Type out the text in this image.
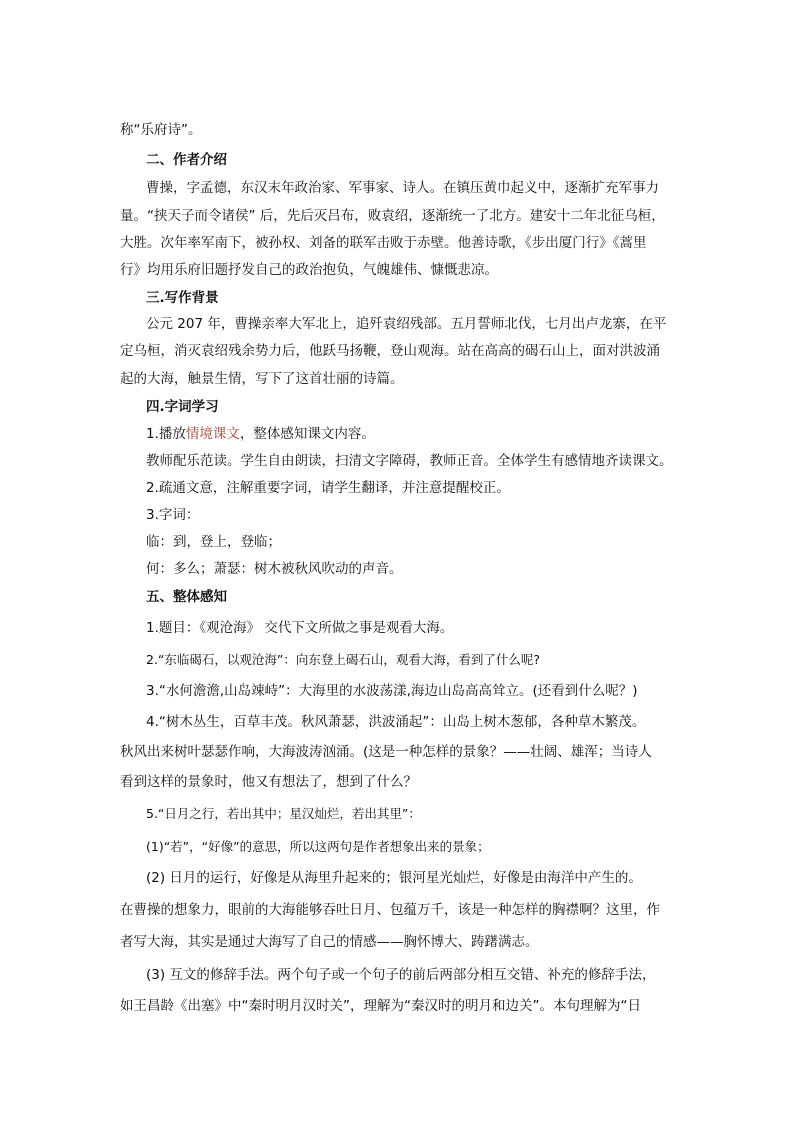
称“乐府诗”。
二、作者介绍
曹操，字孟德，东汉末年政治家、军事家、诗人。在镇压黄巾起义中，逐渐扩充军事力
量。“挟天子而令诸侯” 后，先后灭吕布，败袁绍，逐渐统一了北方。建安十二年北征乌桓，
大胜。次年率军南下，被孙权、刘备的联军击败于赤壁。他善诗歌，《步出厦门行》《蒿里
行》均用乐府旧题抒发自己的政治抱负，气魄雄伟、慷慨悲凉。
三.写作背景
公元 207 年，曹操亲率大军北上，追歼袁绍残部。五月誓师北伐，七月出卢龙寨，在平
定乌桓，消灭袁绍残余势力后，他跃马扬鞭，登山观海。站在高高的碣石山上，面对洪波涌
起的大海，触景生情，写下了这首壮丽的诗篇。
四.字词学习
1.播放情境课文，整体感知课文内容。
教师配乐范读。学生自由朗读，扫清文字障碍，教师正音。全体学生有感情地齐读课文。
2.疏通文意，注解重要字词，请学生翻译，并注意提醒校正。
3.字词：
临：到，登上，登临；
何：多么；萧瑟：树木被秋风吹动的声音。
五、整体感知
1.题目：《观沧海》 交代下文所做之事是观看大海。
2.“东临碣石，以观沧海”：向东登上碣石山，观看大海，看到了什么呢?
3.“水何澹澹,山岛竦峙”：大海里的水波荡漾,海边山岛高高耸立。(还看到什么呢？)
4.“树木丛生，百草丰茂。秋风萧瑟，洪波涌起”：山岛上树木葱郁，各种草木繁茂。
秋风出来树叶瑟瑟作响，大海波涛汹涌。(这是一种怎样的景象？——壮阔、雄浑；当诗人
看到这样的景象时，他又有想法了，想到了什么？
5.“日月之行，若出其中；星汉灿烂，若出其里”：
(1)“若”，“好像”的意思，所以这两句是作者想象出来的景象；
(2) 日月的运行，好像是从海里升起来的；银河星光灿烂，好像是由海洋中产生的。
在曹操的想象力，眼前的大海能够吞吐日月、包蕴万千，该是一种怎样的胸襟啊？这里，作
者写大海，其实是通过大海写了自己的情感——胸怀博大、踌躇满志。
(3) 互文的修辞手法。两个句子或一个句子的前后两部分相互交错、补充的修辞手法，
如王昌龄《出塞》中“秦时明月汉时关”，理解为“秦汉时的明月和边关”。本句理解为“日
